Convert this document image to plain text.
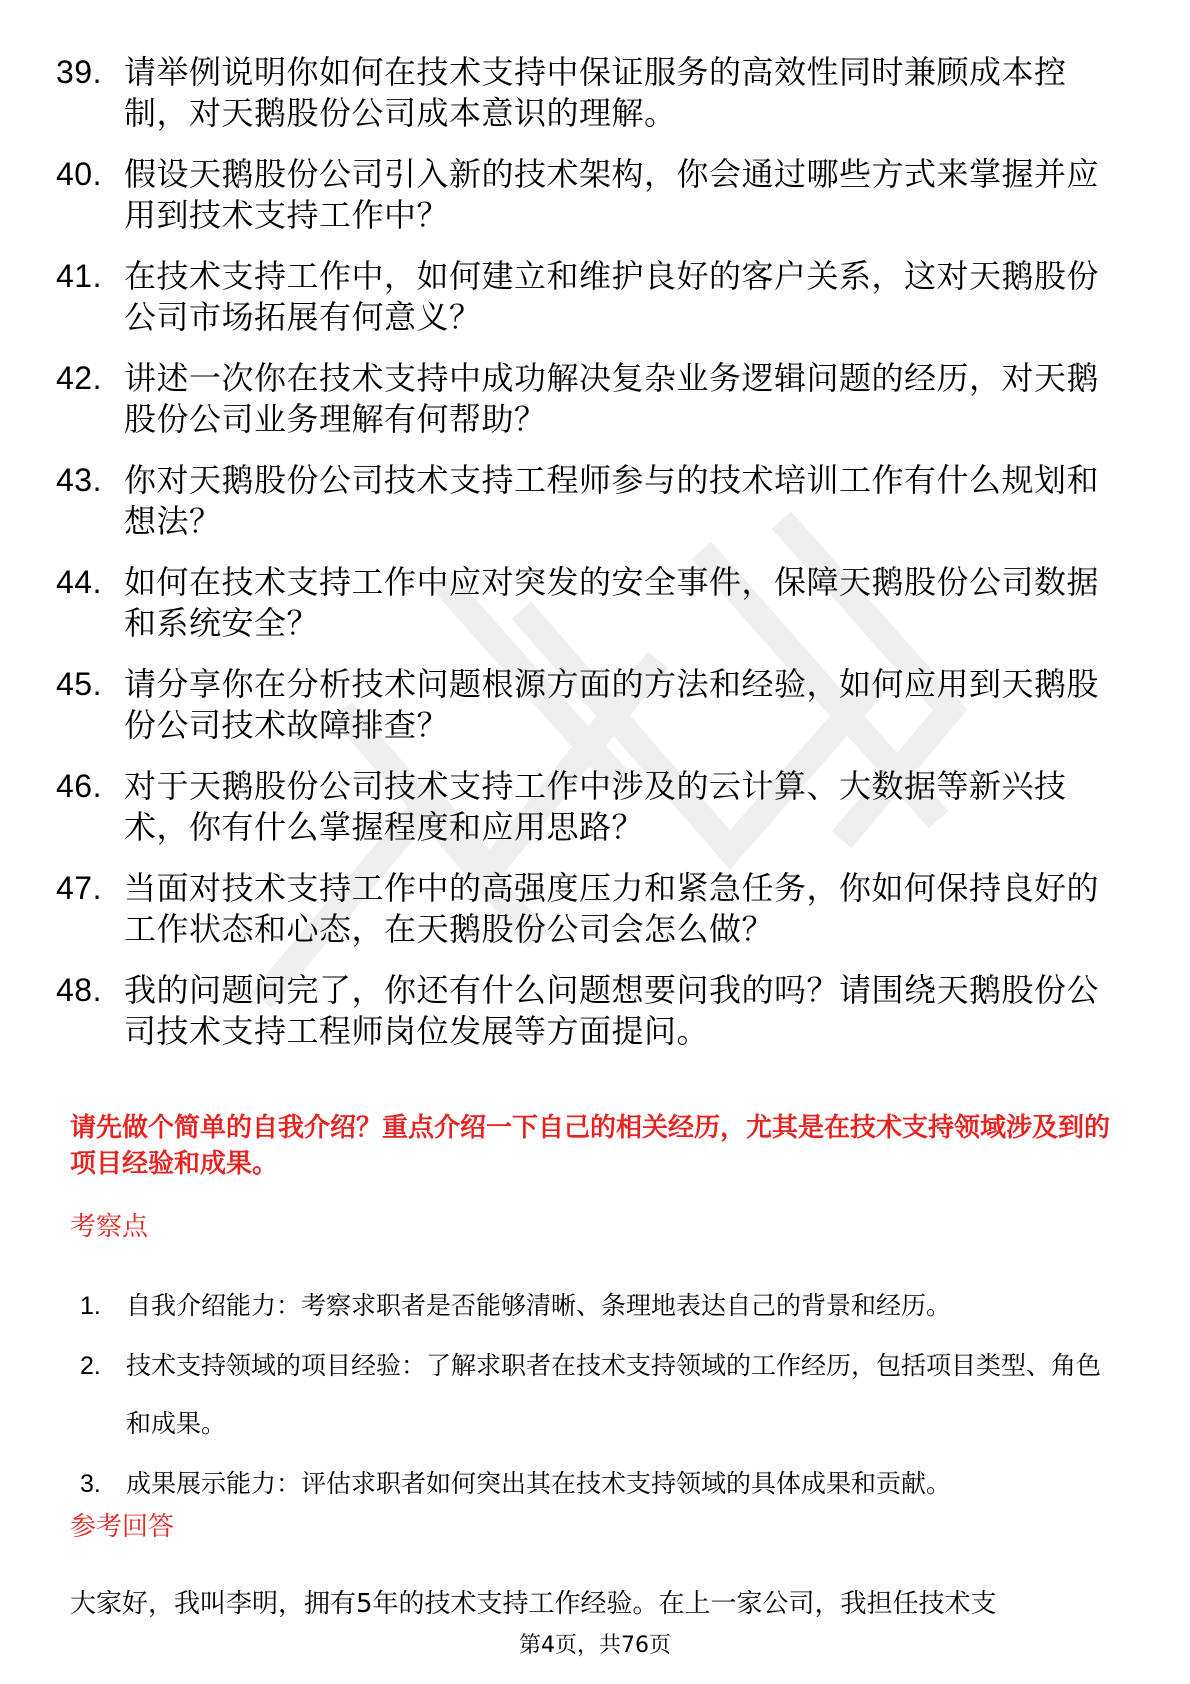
39. 请举例说明你如何在技术支持中保证服务的高效性同时兼顾成本控制，对天鹅股份公司成本意识的理解。
40. 假设天鹅股份公司引入新的技术架构，你会通过哪些方式来掌握并应用到技术支持工作中？
41. 在技术支持工作中，如何建立和维护良好的客户关系，这对天鹅股份公司市场拓展有何意义？
42. 讲述一次你在技术支持中成功解决复杂业务逻辑问题的经历，对天鹅股份公司业务理解有何帮助？
43. 你对天鹅股份公司技术支持工程师参与的技术培训工作有什么规划和想法？
44. 如何在技术支持工作中应对突发的安全事件，保障天鹅股份公司数据和系统安全？
45. 请分享你在分析技术问题根源方面的方法和经验，如何应用到天鹅股份公司技术故障排查？
46. 对于天鹅股份公司技术支持工作中涉及的云计算、大数据等新兴技术，你有什么掌握程度和应用思路？
47. 当面对技术支持工作中的高强度压力和紧急任务，你如何保持良好的工作状态和心态，在天鹅股份公司会怎么做？
48. 我的问题问完了，你还有什么问题想要问我的吗？请围绕天鹅股份公司技术支持工程师岗位发展等方面提问。
请先做个简单的自我介绍？重点介绍一下自己的相关经历，尤其是在技术支持领域涉及到的项目经验和成果。
考察点
1.	自我介绍能力：考察求职者是否能够清晰、条理地表达自己的背景和经历。
2.	技术支持领域的项目经验：了解求职者在技术支持领域的工作经历，包括项目类型、角色和成果。
3.	成果展示能力：评估求职者如何突出其在技术支持领域的具体成果和贡献。
参考回答
大家好，我叫李明，拥有5年的技术支持工作经验。在上一家公司，我担任技术支
第4页，共76页
